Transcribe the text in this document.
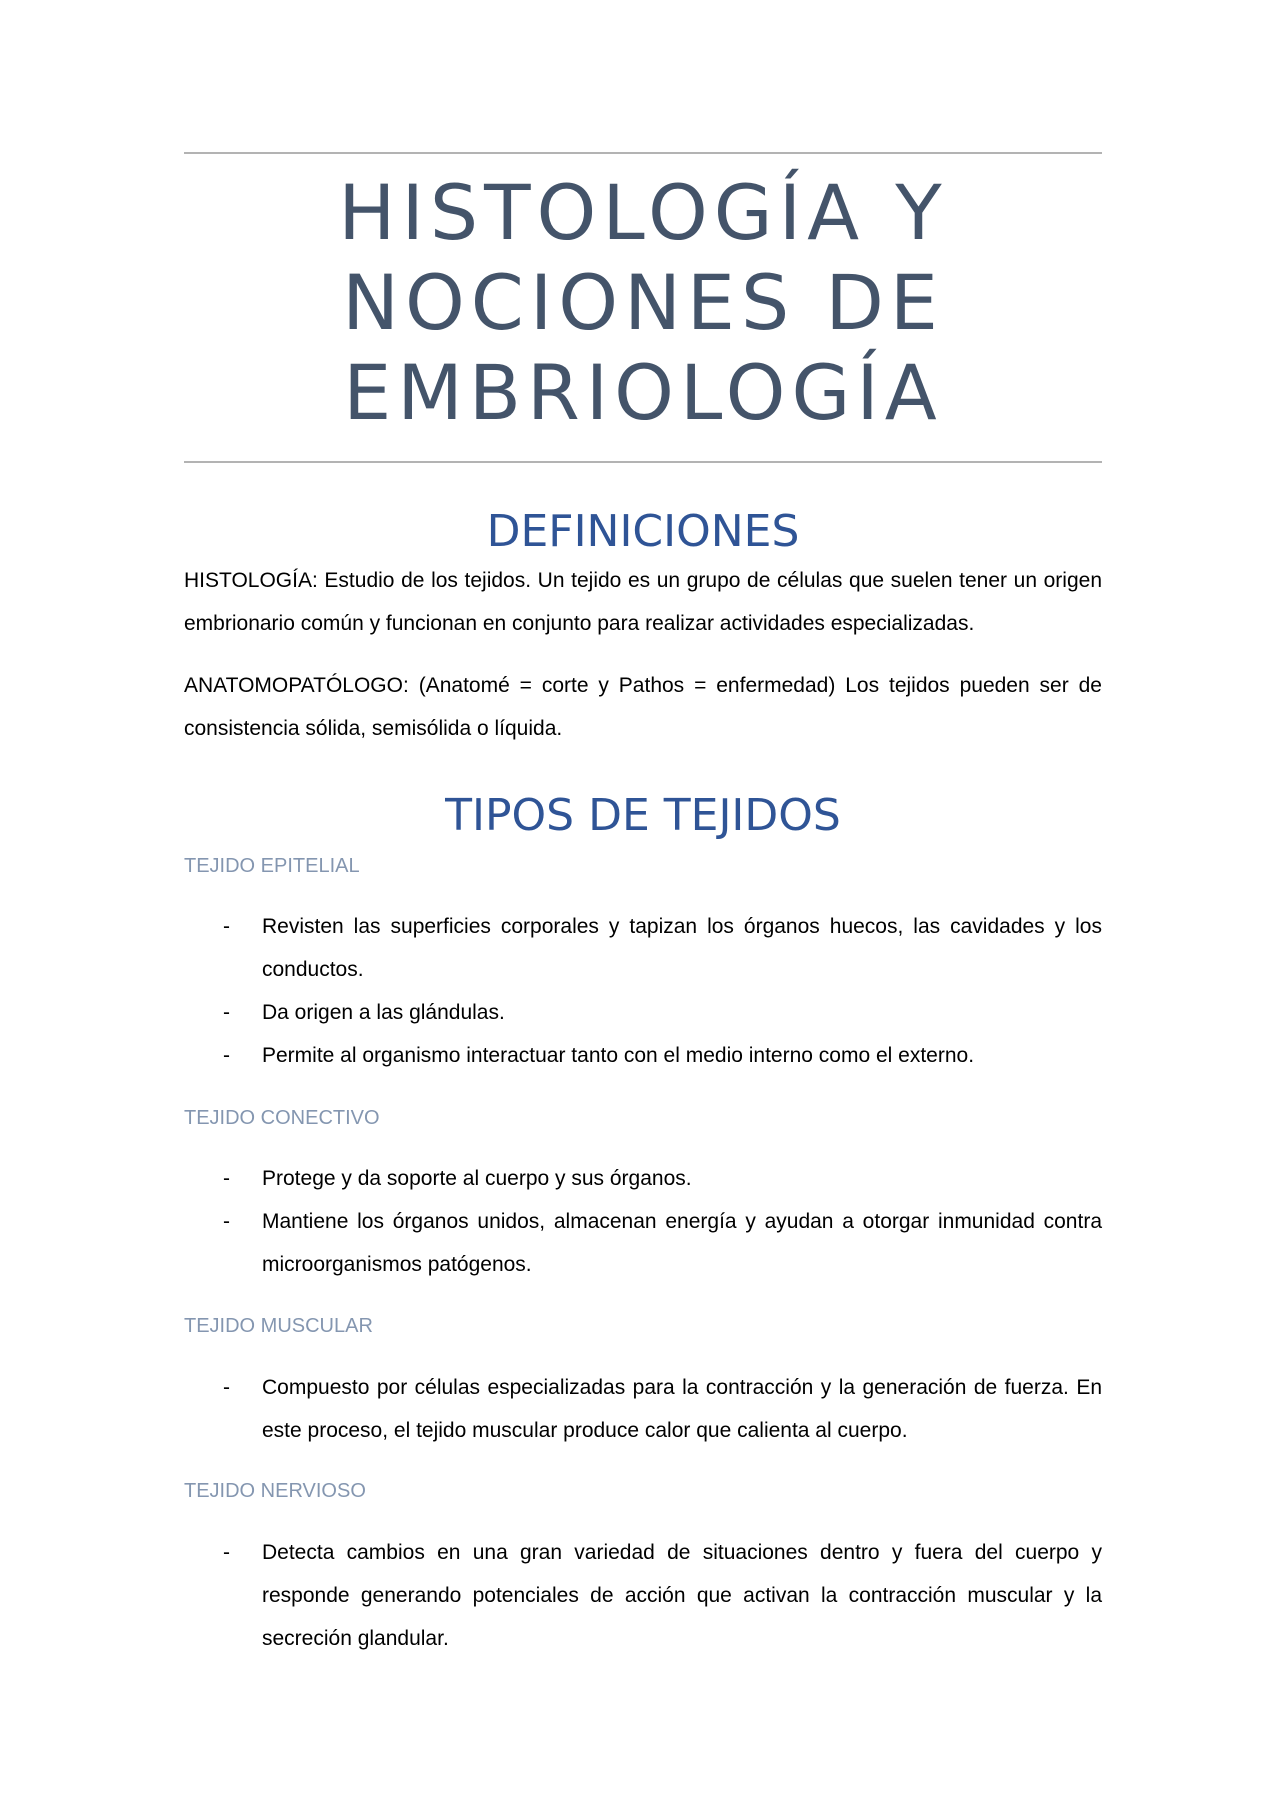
HISTOLOGÍA Y
NOCIONES DE
EMBRIOLOGÍA
DEFINICIONES

HISTOLOGÍA: Estudio de los tejidos. Un tejido es un grupo de células que suelen tener un origen embrionario común y funcionan en conjunto para realizar actividades especializadas.

ANATOMOPATÓLOGO: (Anatomé = corte y Pathos = enfermedad) Los tejidos pueden ser de consistencia sólida, semisólida o líquida.

TIPOS DE TEJIDOS
TEJIDO EPITELIAL
- Revisten las superficies corporales y tapizan los órganos huecos, las cavidades y los conductos.
- Da origen a las glándulas.
- Permite al organismo interactuar tanto con el medio interno como el externo.
TEJIDO CONECTIVO
- Protege y da soporte al cuerpo y sus órganos.
- Mantiene los órganos unidos, almacenan energía y ayudan a otorgar inmunidad contra microorganismos patógenos.
TEJIDO MUSCULAR
- Compuesto por células especializadas para la contracción y la generación de fuerza. En este proceso, el tejido muscular produce calor que calienta al cuerpo.
TEJIDO NERVIOSO
- Detecta cambios en una gran variedad de situaciones dentro y fuera del cuerpo y responde generando potenciales de acción que activan la contracción muscular y la secreción glandular.
